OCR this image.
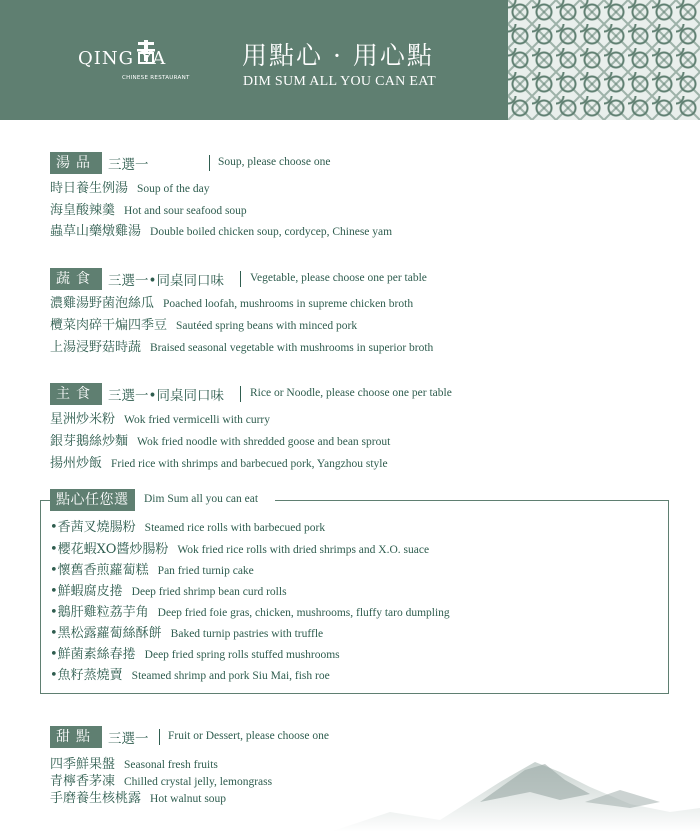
QING YA
CHINESE RESTAURANT
用點心 · 用心點
DIM SUM ALL YOU CAN EAT
湯品 三選一	Soup, please choose one
時日養生例湯 Soup of the day
海皇酸辣羹 Hot and sour seafood soup
蟲草山藥燉雞湯 Double boiled chicken soup, cordycep, Chinese yam
蔬食 三選一•同桌同口味 Vegetable, please choose one per table
濃雞湯野菌泡絲瓜 Poached loofah, mushrooms in supreme chicken broth
欖菜肉碎干煸四季豆 Sautéed spring beans with minced pork
上湯浸野菇時蔬 Braised seasonal vegetable with mushrooms in superior broth
主食 三選一•同桌同口味 Rice or Noodle, please choose one per table
星洲炒米粉 Wok fried vermicelli with curry
銀芽鵝絲炒麵 Wok fried noodle with shredded goose and bean sprout
揚州炒飯 Fried rice with shrimps and barbecued pork, Yangzhou style
點心任您選	Dim Sum all you can eat
•香茜叉燒腸粉 Steamed rice rolls with barbecued pork
•櫻花蝦XO醬炒腸粉 Wok fried rice rolls with dried shrimps and X.O. suace
•懷舊香煎蘿蔔糕 Pan fried turnip cake
•鮮蝦腐皮捲 Deep fried shrimp bean curd rolls
•鵝肝雞粒荔芋角 Deep fried foie gras, chicken, mushrooms, fluffy taro dumpling
•黑松露蘿蔔絲酥餅 Baked turnip pastries with truffle
•鮮菌素絲春捲 Deep fried spring rolls stuffed mushrooms
•魚籽蒸燒賣 Steamed shrimp and pork Siu Mai, fish roe
甜點 三選一 Fruit or Dessert, please choose one
四季鮮果盤 Seasonal fresh fruits
青檸香茅凍 Chilled crystal jelly, lemongrass
手磨養生核桃露 Hot walnut soup
